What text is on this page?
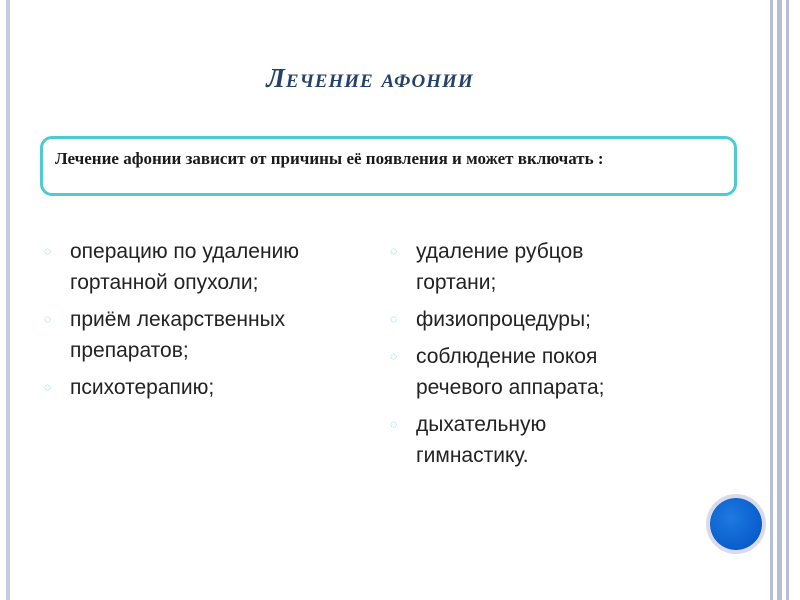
Лечение афонии
Лечение афонии зависит от причины её появления и может включать :
◌ операцию по удалению гортанной опухоли;
◌ приём лекарственных препаратов;
◌ психотерапию;
◌ удаление рубцов гортани;
◌ физиопроцедуры;
◌ соблюдение покоя речевого аппарата;
◌ дыхательную гимнастику.
